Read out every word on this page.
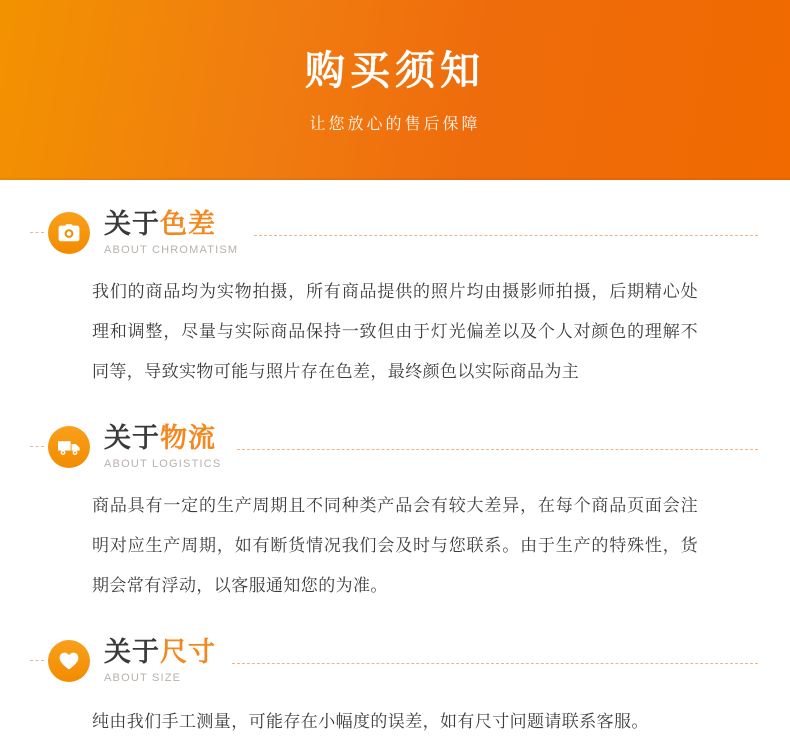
购买须知
让您放心的售后保障
关于色差
ABOUT CHROMATISM
我们的商品均为实物拍摄，所有商品提供的照片均由摄影师拍摄，后期精心处理和调整，尽量与实际商品保持一致但由于灯光偏差以及个人对颜色的理解不同等，导致实物可能与照片存在色差，最终颜色以实际商品为主
关于物流
ABOUT LOGISTICS
商品具有一定的生产周期且不同种类产品会有较大差异，在每个商品页面会注明对应生产周期，如有断货情况我们会及时与您联系。由于生产的特殊性，货期会常有浮动，以客服通知您的为准。
关于尺寸
ABOUT SIZE
纯由我们手工测量，可能存在小幅度的误差，如有尺寸问题请联系客服。
